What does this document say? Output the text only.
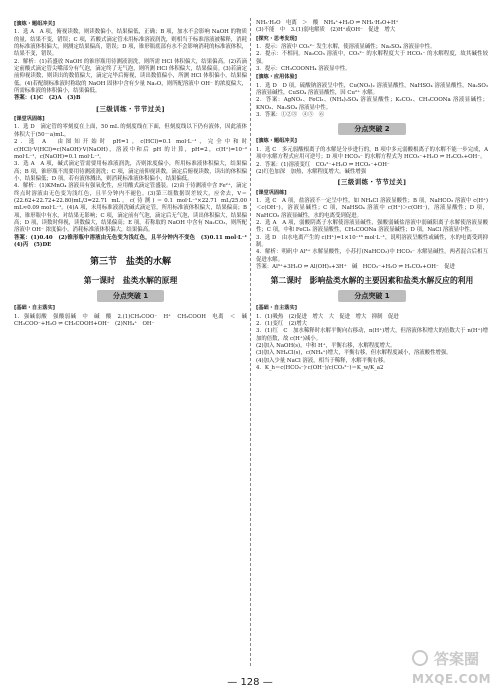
[演练・题组冲关]

1．选 A　A 项，俯视读数，则读数偏小，结果偏低，正确；B 项，加水不会影响 NaOH 的物质的量，结果不变，错误；C 项，若酸式滴定管未用标准溶液润洗，则相当于标准溶液被稀释，消耗的标准液体积偏大，则测定结果偏高，错误；D 项，锥形瓶底部有水不会影响消耗的标准液体积，结果不变，错误。

2．解析：(1)若盛放 NaOH 的锥形瓶用待测液润洗，则所需 HCl 体积偏大，结果偏高。(2)若滴定前酸式滴定管尖嘴部分有气泡，滴定终了无气泡，则所测 HCl 体积偏大，结果偏高。(3)若滴定前仰视读数，则读出的数值偏大，滴定完毕后俯视，读出数值偏小，所测 HCl 体积偏小，结果偏低。(4)若配制标准液时称取的 NaOH 固体中含有少量 Na₂O，则所配溶液中 OH⁻ 的浓度偏大，所需标准液的体积偏小，结果偏低。

答案：(1)C　(2)A　(3)B

[三级训练・节节过关]
[课堂巩固练]

1．选 D　滴定管的零刻度在上面，50 mL 的刻度线在下面，但刻度线以下仍有液体，因此液体体积大于(50－a)mL。

2．选 A　由图知开始时 pH=1，c(HCl)=0.1 mol·L⁻¹，完全中和时 c(HCl)·V(HCl)=c(NaOH)·V(NaOH)，溶液中和后 pH 的计算，pH=2，c(H⁺)=10⁻² mol·L⁻¹，c(NaOH)=0.1 mol·L⁻¹。

3．选 A　A 项，碱式滴定管需要用标准液润洗，否则浓度偏小，所用标准液体积偏大，结果偏高；B 项，锥形瓶不需要用待测液润洗；C 项，滴定前仰视读数，滴定后俯视读数，读出的体积偏小，结果偏低；D 项，若有液体溅出，则消耗标准液体积偏小，结果偏低。

4．解析：(1)KMnO₄ 溶液具有强氧化性，应用酸式滴定管盛装。(2)由于待测液中含 Fe²⁺，滴定终点时溶液由无色变为浅红色，且半分钟内不褪色。(3)第三组数据误差较大，应舍去，V＝(22.62+22.72+22.80)mL/3=22.71 mL。c(待测)＝0.1 mol·L⁻¹×22.71 mL/25.00 mL≈0.09 mol·L⁻¹。(4)A 项，未用标准液润洗碱式滴定管，所用标准液体积偏大，结果偏高；B 项，锥形瓶中有水，对结果无影响；C 项，滴定前有气泡，滴定后无气泡，读出体积偏大，结果偏高；D 项，读数时仰视，读数偏大，结果偏高；E 项，若称取的 NaOH 中含有 Na₂CO₃，则所配溶液中 OH⁻ 浓度偏小，消耗标准液体积偏大，结果偏高。

答案：(1)0.40　(2)锥形瓶中溶液由无色变为浅红色，且半分钟内不变色　(3)0.11 mol·L⁻¹　(4)丙　(5)DE

第三节　盐类的水解
第一课时　盐类水解的原理
分点突破 1
[基础・自主落实]

1．强碱弱酸　强酸弱碱　中　碱　酸　2.(1)CH₃COO⁻　H⁺　CH₃COOH　电离　＜　碱　CH₃COO⁻+H₂O ⇌ CH₃COOH+OH⁻　(2)NH₄⁺　OH⁻

NH₃·H₂O　电离　＞　酸　NH₄⁺+H₂O ⇌ NH₃·H₂O+H⁺

(3)不能　中　3.(1)弱电解质　(2)H⁺或OH⁻　促进　增大

[探究・思考发现]

1．提示：溶液中 CO₃²⁻ 发生水解，使溶液显碱性；Na₂SO₄ 溶液显中性。

2．提示：不相同。Na₂CO₃ 溶液中，CO₃²⁻ 的水解程度大于 HCO₃⁻ 的水解程度，故其碱性较强。

3．提示：CH₃COONH₄ 溶液显中性。

[演练・应用体验]

1．选 D　D 项，硫酸钠溶液呈中性，Cu(NO₃)₂ 溶液显酸性，NaHSO₄ 溶液显酸性，Na₂SO₃ 溶液显碱性，CuSO₄ 溶液显酸性，因 Cu²⁺ 水解。

2．答案：AgNO₃、FeCl₃、(NH₄)₂SO₄ 溶液显酸性；K₂CO₃、CH₃COONa 溶液显碱性；KNO₃、Na₂SO₄ 溶液显中性。

3．答案：①②③　④⑤　⑥

分点突破 2
[演练・题组冲关]

1．选 C　多元弱酸根离子的水解是分步进行的，B 项中多元弱酸根离子的水解不能一步完成，A 项中水解方程式应用可逆号；D 项中 HCO₃⁻ 的水解方程式为 HCO₃⁻+H₂O ⇌ H₂CO₃+OH⁻。

2．答案：(1)溶液变红　CO₃²⁻+H₂O ⇌ HCO₃⁻+OH⁻

(2)红色加深　加热，水解程度增大，碱性增强

[三级训练・节节过关]
[课堂巩固练]

1．选 C　A 项，盐溶液不一定呈中性，如 NH₄Cl 溶液显酸性；B 项，NaHCO₃ 溶液中 c(H⁺)＜c(OH⁻)，溶液显碱性；C 项，NaHSO₄ 溶液中 c(H⁺)＞c(OH⁻)，溶液显酸性；D 项，NaHCO₃ 溶液显碱性，水的电离受到促进。

2．选 A　A 项，弱酸阴离子水解使溶液显碱性，强酸弱碱盐溶液中弱碱阳离子水解使溶液显酸性；C 项，中和 FeCl₃ 溶液显酸性，CH₃COONa 溶液显碱性；D 项，NaCl 溶液显中性。

3．选 D　由水电离产生的 c(H⁺)=1×10⁻¹³ mol·L⁻¹，说明溶液呈酸性或碱性，水的电离受到抑制。

4．解析：明矾中 Al³⁺ 水解显酸性，小苏打(NaHCO₃)中 HCO₃⁻ 水解显碱性，两者混合后相互促进水解。

答案：Al³⁺+3H₂O ⇌ Al(OH)₃+3H⁺　碱　HCO₃⁻+H₂O ⇌ H₂CO₃+OH⁻　促进

第二课时　影响盐类水解的主要因素和盐类水解反应的利用
分点突破 1
[基础・自主落实]

1．(1)吸热　(2)促进　增大　大　促进　增大　抑制　促进

2．(1)变红　(2)增大

3．(1)红　C　加水稀释时水解平衡向右移动，n(H⁺)增大，但溶液体积增大的倍数大于 n(H⁺)增加的倍数，故 c(H⁺)减小。

(2)加入 NaOH(s)，中和 H⁺，平衡右移，水解程度增大。

(3)加入 NH₄Cl(s)，c(NH₄⁺)增大，平衡右移，但水解程度减小，溶液酸性增强。

(4)加入少量 NaCl 溶液，相当于稀释，水解平衡右移。

4．K_h＝c(HCO₃⁻)·c(OH⁻)/c(CO₃²⁻)＝K_w/K_a2

— 128 —
答案圈
MXQE.COM
